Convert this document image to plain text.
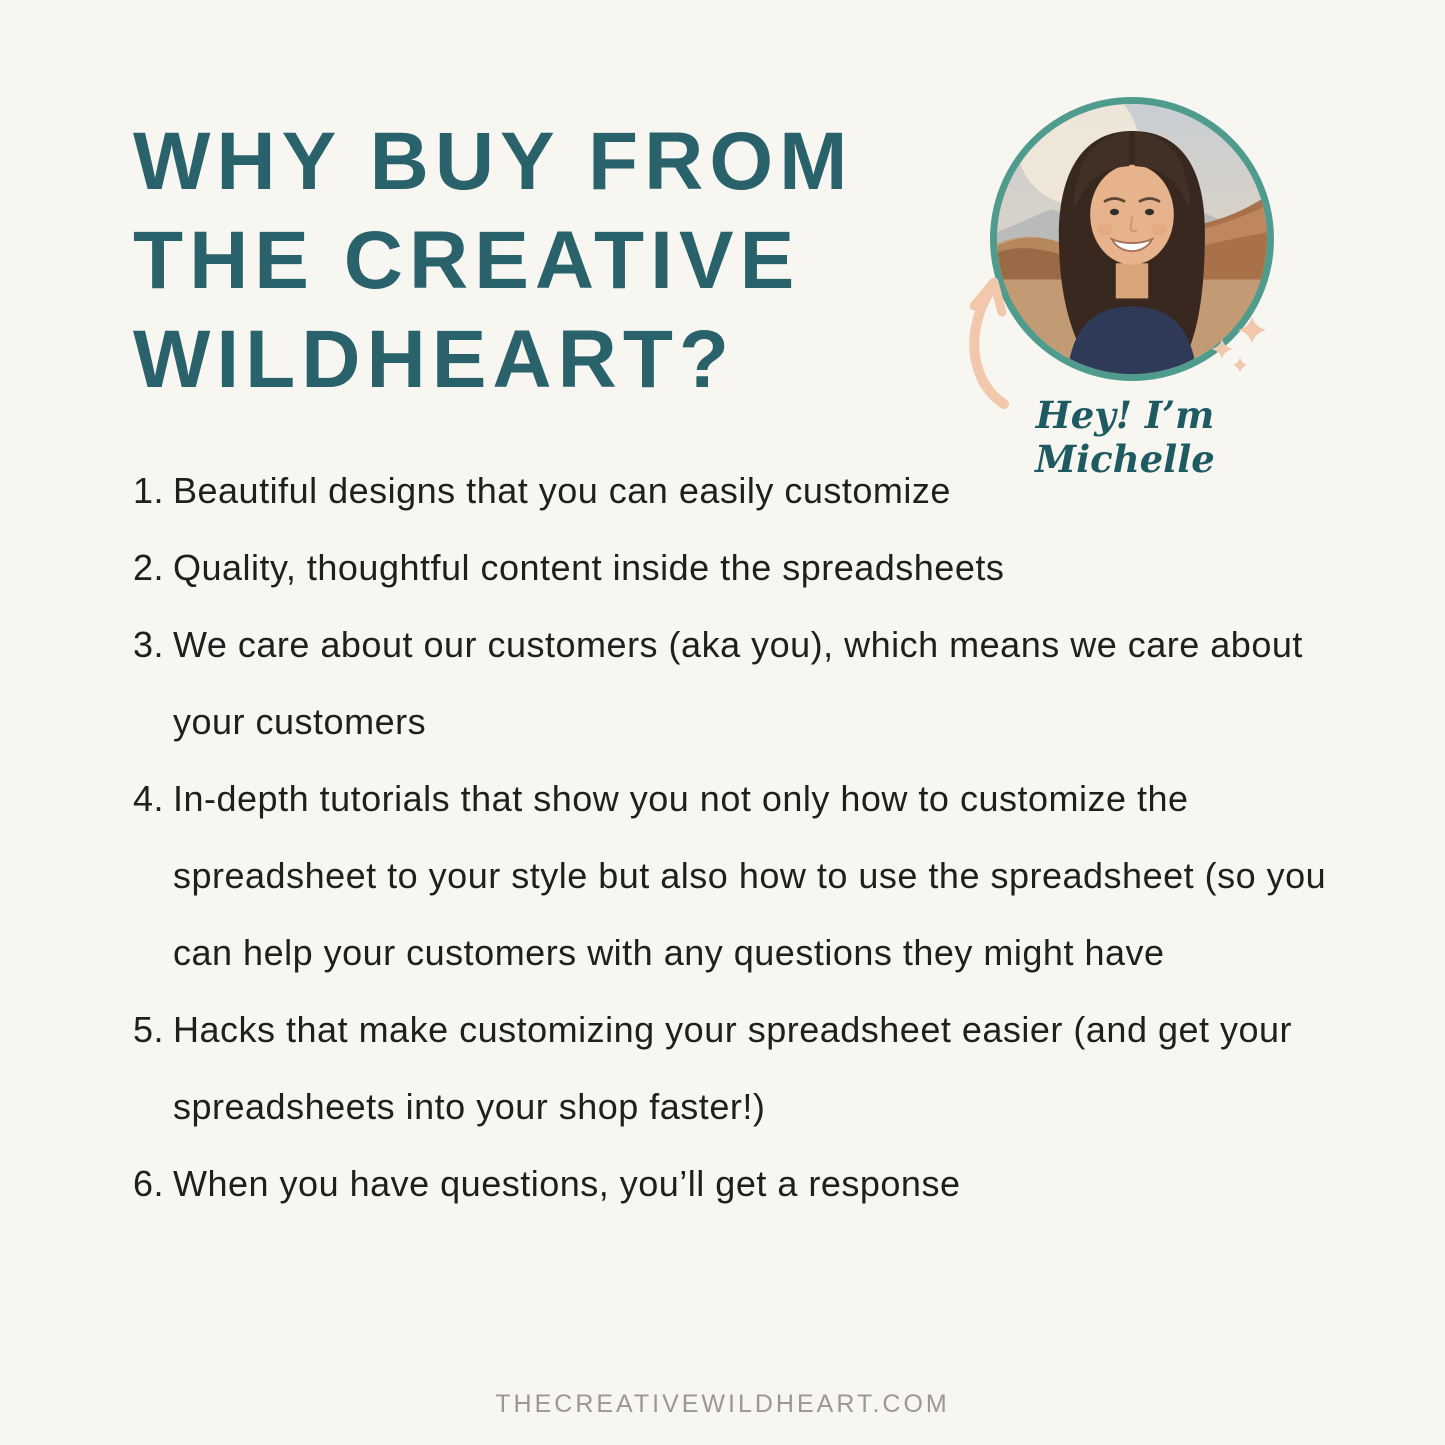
WHY BUY FROM
THE CREATIVE
WILDHEART?
Hey! I’m Michelle
1. Beautiful designs that you can easily customize
2. Quality, thoughtful content inside the spreadsheets
3. We care about our customers (aka you), which means we care about your customers
4. In-depth tutorials that show you not only how to customize the spreadsheet to your style but also how to use the spreadsheet (so you can help your customers with any questions they might have
5. Hacks that make customizing your spreadsheet easier (and get your spreadsheets into your shop faster!)
6. When you have questions, you’ll get a response
THECREATIVEWILDHEART.COM
